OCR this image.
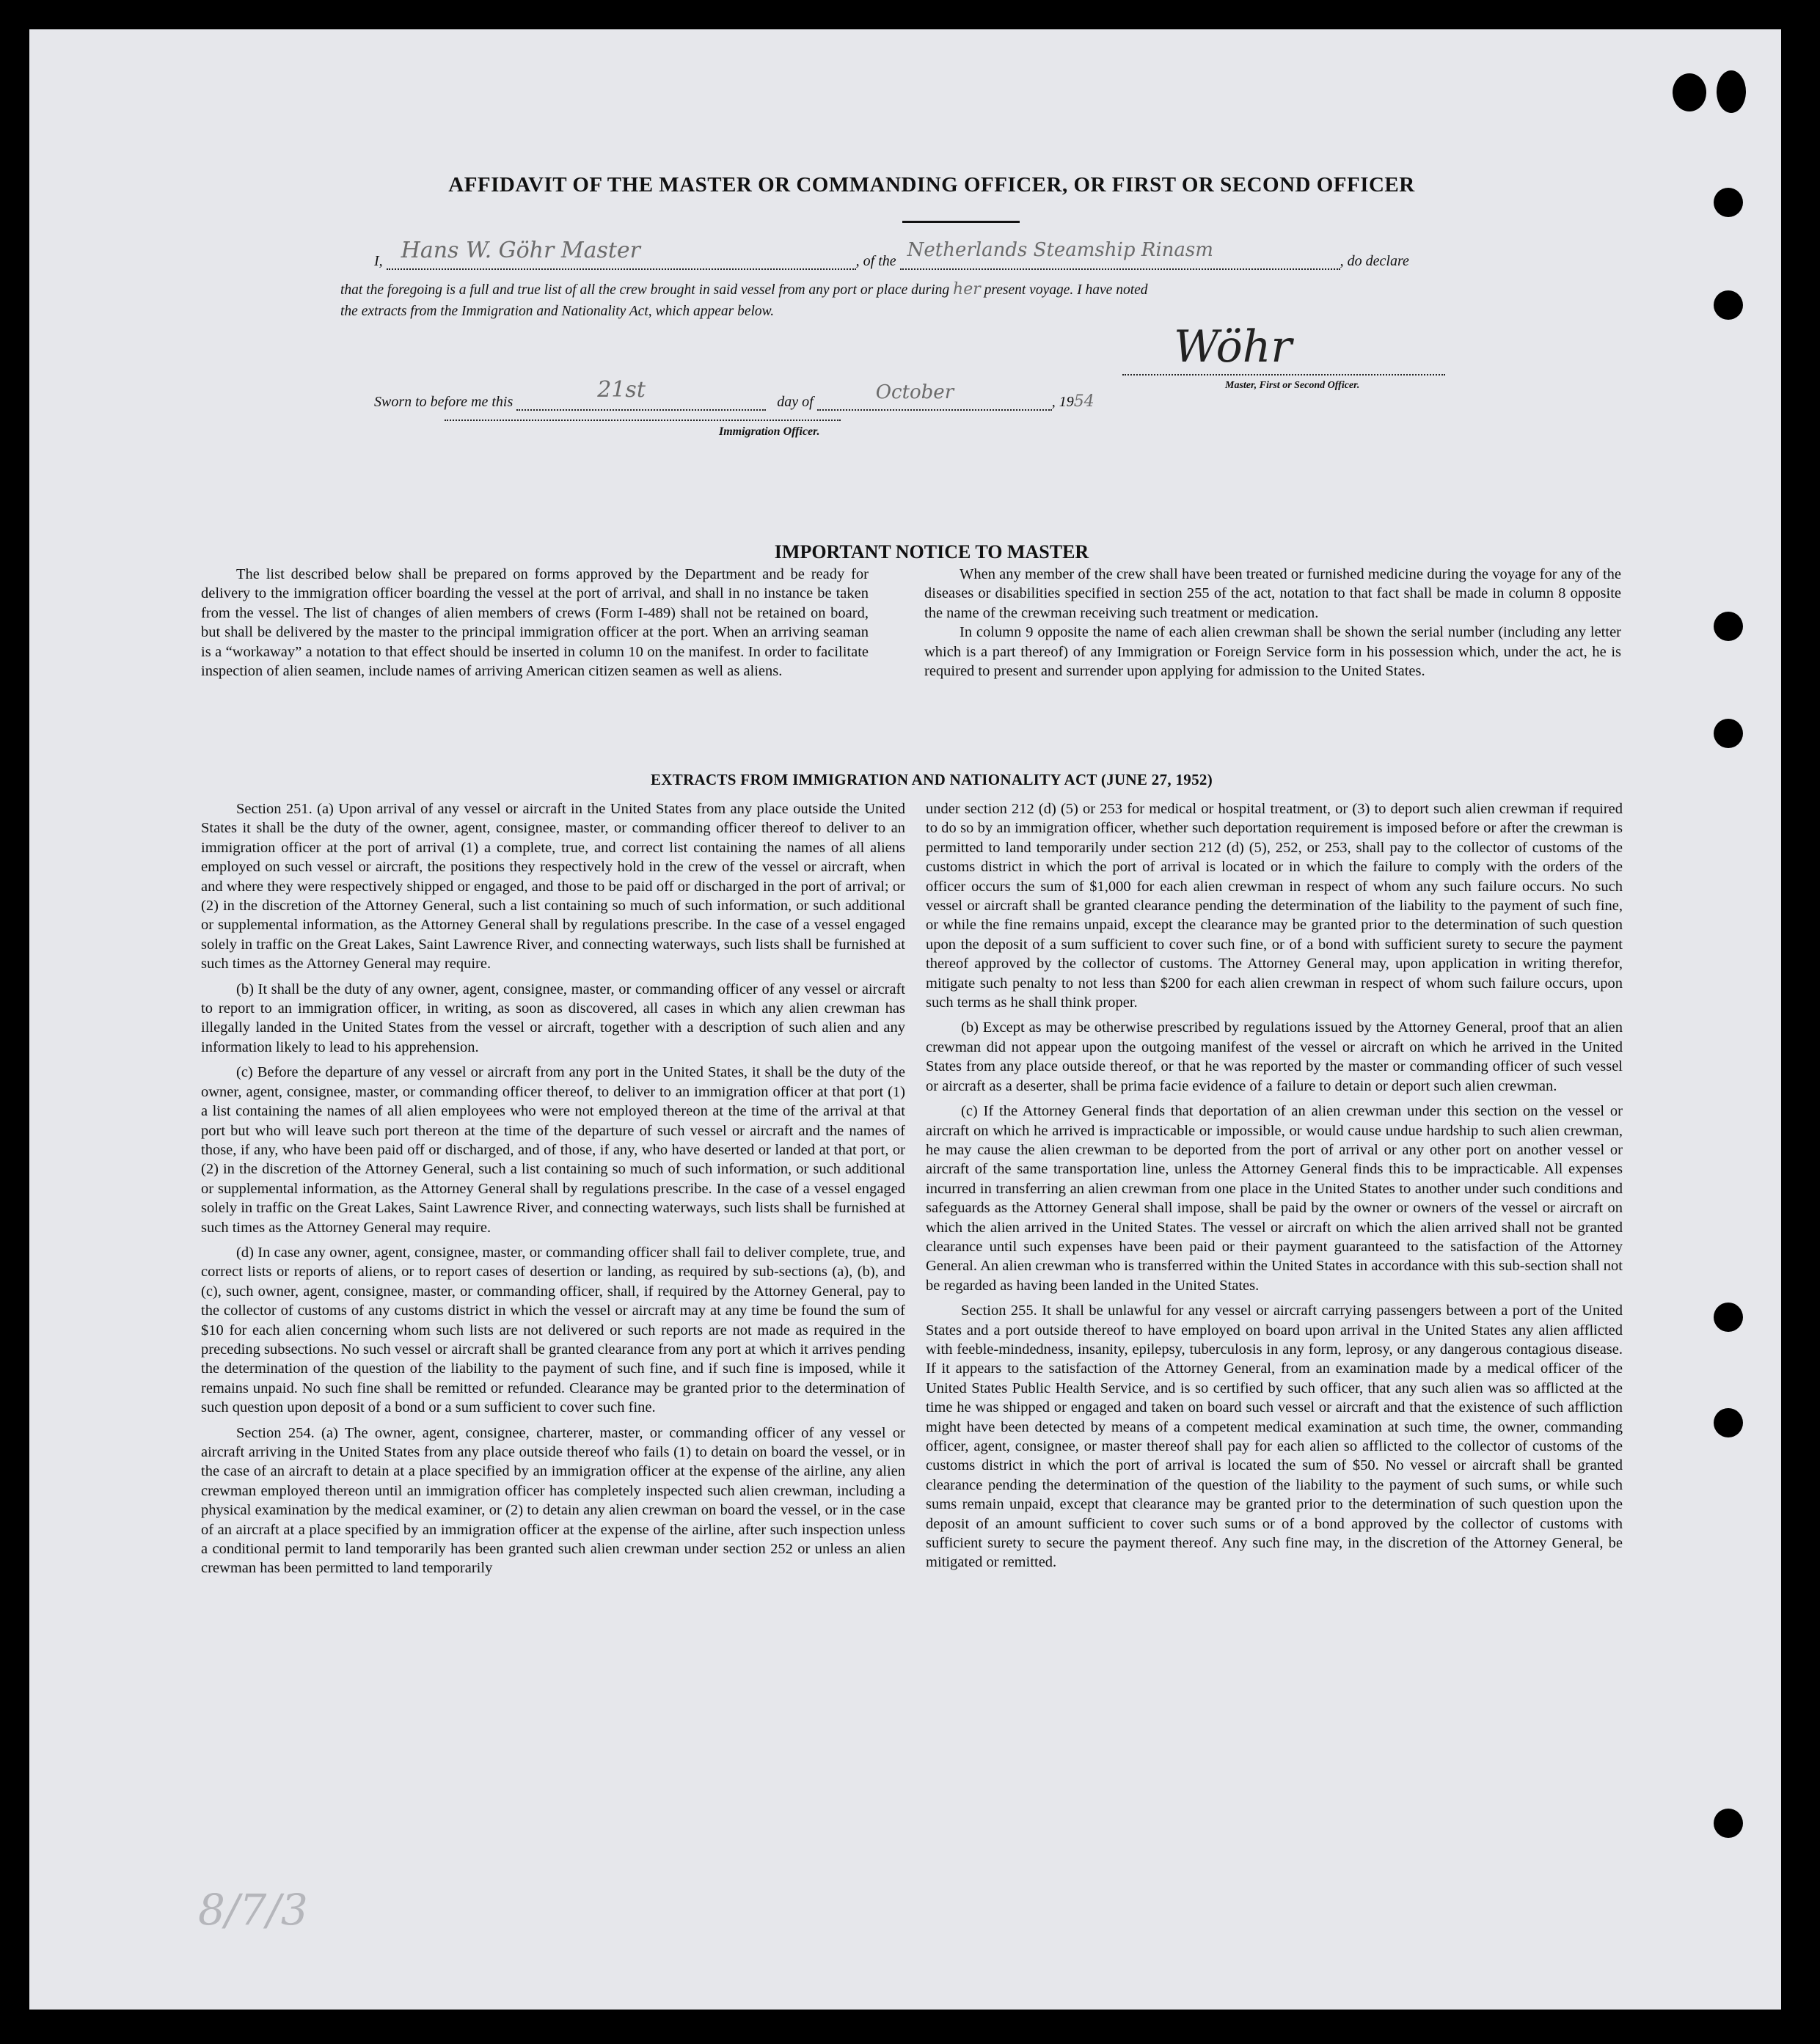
AFFIDAVIT OF THE MASTER OR COMMANDING OFFICER, OR FIRST OR SECOND OFFICER
I, Hans W. Göhr Master	, of the Netherlands Steamship Rinasm	, do declare
that the foregoing is a full and true list of all the crew brought in said vessel from any port or place during her present voyage. I have noted
the extracts from the Immigration and Nationality Act, which appear below.
Wöhr
Master, First or Second Officer.
Sworn to before me this	21st	day of	October	, 1954
Immigration Officer.
IMPORTANT NOTICE TO MASTER

The list described below shall be prepared on forms approved by the Department and be ready for delivery to the immigration officer boarding the vessel at the port of arrival, and shall in no instance be taken from the vessel. The list of changes of alien members of crews (Form I-489) shall not be retained on board, but shall be delivered by the master to the principal immigration officer at the port. When an arriving seaman is a “workaway” a notation to that effect should be inserted in column 10 on the manifest. In order to facilitate inspection of alien seamen, include names of arriving American citizen seamen as well as aliens.

When any member of the crew shall have been treated or furnished medicine during the voyage for any of the diseases or disabilities specified in section 255 of the act, notation to that fact shall be made in column 8 opposite the name of the crewman receiving such treatment or medication.

In column 9 opposite the name of each alien crewman shall be shown the serial number (including any letter which is a part thereof) of any Immigration or Foreign Service form in his possession which, under the act, he is required to present and surrender upon applying for admission to the United States.

EXTRACTS FROM IMMIGRATION AND NATIONALITY ACT (JUNE 27, 1952)

Section 251. (a) Upon arrival of any vessel or aircraft in the United States from any place outside the United States it shall be the duty of the owner, agent, consignee, master, or commanding officer thereof to deliver to an immigration officer at the port of arrival (1) a complete, true, and correct list containing the names of all aliens employed on such vessel or aircraft, the positions they respectively hold in the crew of the vessel or aircraft, when and where they were respectively shipped or engaged, and those to be paid off or discharged in the port of arrival; or (2) in the discretion of the Attorney General, such a list containing so much of such information, or such additional or supplemental information, as the Attorney General shall by regulations prescribe. In the case of a vessel engaged solely in traffic on the Great Lakes, Saint Lawrence River, and connecting waterways, such lists shall be furnished at such times as the Attorney General may require.

(b) It shall be the duty of any owner, agent, consignee, master, or commanding officer of any vessel or aircraft to report to an immigration officer, in writing, as soon as discovered, all cases in which any alien crewman has illegally landed in the United States from the vessel or aircraft, together with a description of such alien and any information likely to lead to his apprehension.

(c) Before the departure of any vessel or aircraft from any port in the United States, it shall be the duty of the owner, agent, consignee, master, or commanding officer thereof, to deliver to an immigration officer at that port (1) a list containing the names of all alien employees who were not employed thereon at the time of the arrival at that port but who will leave such port thereon at the time of the departure of such vessel or aircraft and the names of those, if any, who have been paid off or discharged, and of those, if any, who have deserted or landed at that port, or (2) in the discretion of the Attorney General, such a list containing so much of such information, or such additional or supplemental information, as the Attorney General shall by regulations prescribe. In the case of a vessel engaged solely in traffic on the Great Lakes, Saint Lawrence River, and connecting waterways, such lists shall be furnished at such times as the Attorney General may require.

(d) In case any owner, agent, consignee, master, or commanding officer shall fail to deliver complete, true, and correct lists or reports of aliens, or to report cases of desertion or landing, as required by sub-sections (a), (b), and (c), such owner, agent, consignee, master, or commanding officer, shall, if required by the Attorney General, pay to the collector of customs of any customs district in which the vessel or aircraft may at any time be found the sum of $10 for each alien concerning whom such lists are not delivered or such reports are not made as required in the preceding subsections. No such vessel or aircraft shall be granted clearance from any port at which it arrives pending the determination of the question of the liability to the payment of such fine, and if such fine is imposed, while it remains unpaid. No such fine shall be remitted or refunded. Clearance may be granted prior to the determination of such question upon deposit of a bond or a sum sufficient to cover such fine.

Section 254. (a) The owner, agent, consignee, charterer, master, or commanding officer of any vessel or aircraft arriving in the United States from any place outside thereof who fails (1) to detain on board the vessel, or in the case of an aircraft to detain at a place specified by an immigration officer at the expense of the airline, any alien crewman employed thereon until an immigration officer has completely inspected such alien crewman, including a physical examination by the medical examiner, or (2) to detain any alien crewman on board the vessel, or in the case of an aircraft at a place specified by an immigration officer at the expense of the airline, after such inspection unless a conditional permit to land temporarily has been granted such alien crewman under section 252 or unless an alien crewman has been permitted to land temporarily

under section 212 (d) (5) or 253 for medical or hospital treatment, or (3) to deport such alien crewman if required to do so by an immigration officer, whether such deportation requirement is imposed before or after the crewman is permitted to land temporarily under section 212 (d) (5), 252, or 253, shall pay to the collector of customs of the customs district in which the port of arrival is located or in which the failure to comply with the orders of the officer occurs the sum of $1,000 for each alien crewman in respect of whom any such failure occurs. No such vessel or aircraft shall be granted clearance pending the determination of the liability to the payment of such fine, or while the fine remains unpaid, except the clearance may be granted prior to the determination of such question upon the deposit of a sum sufficient to cover such fine, or of a bond with sufficient surety to secure the payment thereof approved by the collector of customs. The Attorney General may, upon application in writing therefor, mitigate such penalty to not less than $200 for each alien crewman in respect of whom such failure occurs, upon such terms as he shall think proper.

(b) Except as may be otherwise prescribed by regulations issued by the Attorney General, proof that an alien crewman did not appear upon the outgoing manifest of the vessel or aircraft on which he arrived in the United States from any place outside thereof, or that he was reported by the master or commanding officer of such vessel or aircraft as a deserter, shall be prima facie evidence of a failure to detain or deport such alien crewman.

(c) If the Attorney General finds that deportation of an alien crewman under this section on the vessel or aircraft on which he arrived is impracticable or impossible, or would cause undue hardship to such alien crewman, he may cause the alien crewman to be deported from the port of arrival or any other port on another vessel or aircraft of the same transportation line, unless the Attorney General finds this to be impracticable. All expenses incurred in transferring an alien crewman from one place in the United States to another under such conditions and safeguards as the Attorney General shall impose, shall be paid by the owner or owners of the vessel or aircraft on which the alien arrived in the United States. The vessel or aircraft on which the alien arrived shall not be granted clearance until such expenses have been paid or their payment guaranteed to the satisfaction of the Attorney General. An alien crewman who is transferred within the United States in accordance with this sub-section shall not be regarded as having been landed in the United States.

Section 255. It shall be unlawful for any vessel or aircraft carrying passengers between a port of the United States and a port outside thereof to have employed on board upon arrival in the United States any alien afflicted with feeble-mindedness, insanity, epilepsy, tuberculosis in any form, leprosy, or any dangerous contagious disease. If it appears to the satisfaction of the Attorney General, from an examination made by a medical officer of the United States Public Health Service, and is so certified by such officer, that any such alien was so afflicted at the time he was shipped or engaged and taken on board such vessel or aircraft and that the existence of such affliction might have been detected by means of a competent medical examination at such time, the owner, commanding officer, agent, consignee, or master thereof shall pay for each alien so afflicted to the collector of customs of the customs district in which the port of arrival is located the sum of $50. No vessel or aircraft shall be granted clearance pending the determination of the question of the liability to the payment of such sums, or while such sums remain unpaid, except that clearance may be granted prior to the determination of such question upon the deposit of an amount sufficient to cover such sums or of a bond approved by the collector of customs with sufficient surety to secure the payment thereof. Any such fine may, in the discretion of the Attorney General, be mitigated or remitted.

8/7/3
